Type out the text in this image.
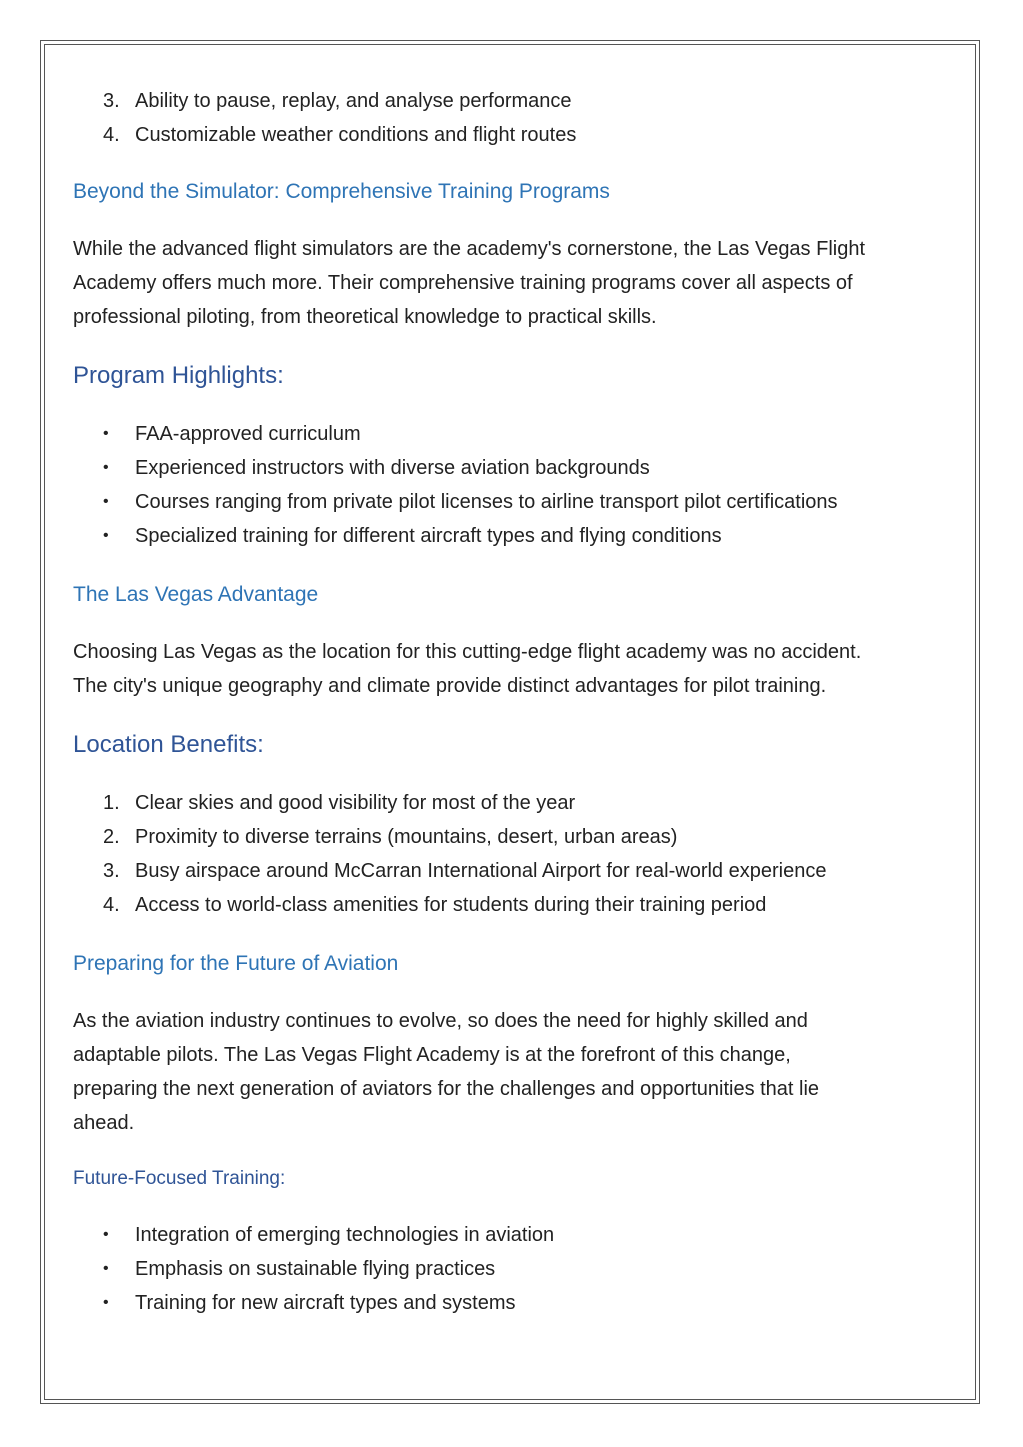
3. Ability to pause, replay, and analyse performance
4. Customizable weather conditions and flight routes
Beyond the Simulator: Comprehensive Training Programs

While the advanced flight simulators are the academy's cornerstone, the Las Vegas Flight

Academy offers much more. Their comprehensive training programs cover all aspects of

professional piloting, from theoretical knowledge to practical skills.

Program Highlights:
• FAA-approved curriculum
• Experienced instructors with diverse aviation backgrounds
• Courses ranging from private pilot licenses to airline transport pilot certifications
• Specialized training for different aircraft types and flying conditions
The Las Vegas Advantage

Choosing Las Vegas as the location for this cutting-edge flight academy was no accident.

The city's unique geography and climate provide distinct advantages for pilot training.

Location Benefits:
1. Clear skies and good visibility for most of the year
2. Proximity to diverse terrains (mountains, desert, urban areas)
3. Busy airspace around McCarran International Airport for real-world experience
4. Access to world-class amenities for students during their training period
Preparing for the Future of Aviation

As the aviation industry continues to evolve, so does the need for highly skilled and

adaptable pilots. The Las Vegas Flight Academy is at the forefront of this change,

preparing the next generation of aviators for the challenges and opportunities that lie

ahead.

Future-Focused Training:
• Integration of emerging technologies in aviation
• Emphasis on sustainable flying practices
• Training for new aircraft types and systems
